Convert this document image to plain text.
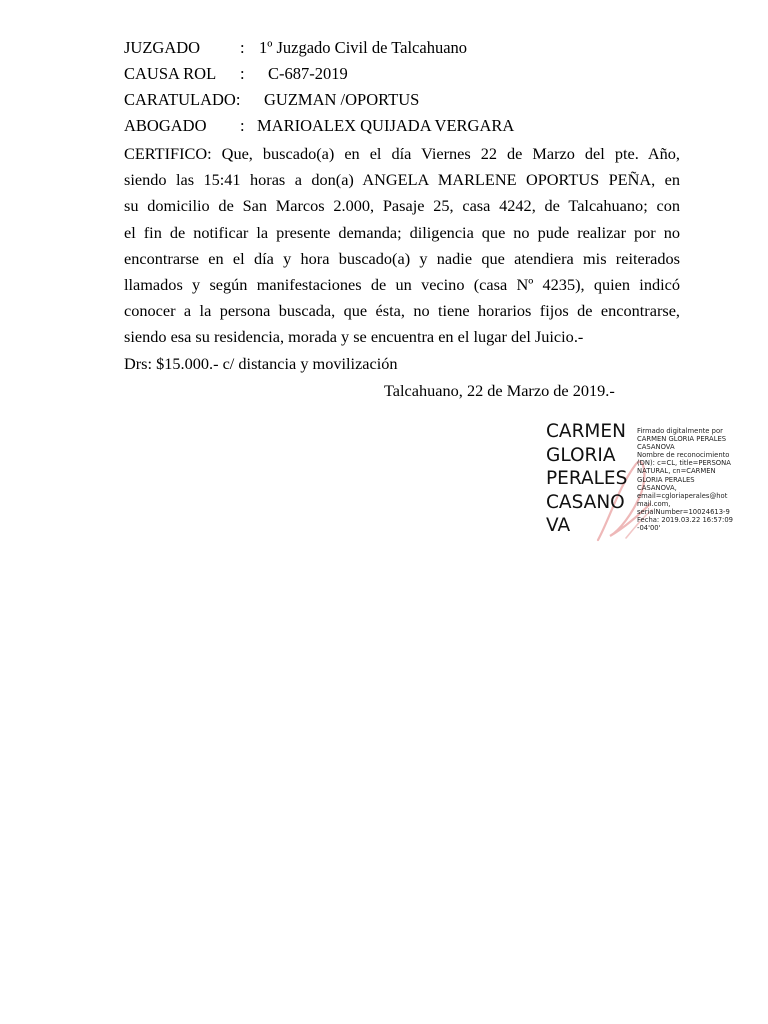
JUZGADO : 1º Juzgado Civil de Talcahuano
CAUSA ROL : C-687-2019
CARATULADO: GUZMAN /OPORTUS
ABOGADO : MARIOALEX QUIJADA VERGARA
CERTIFICO: Que, buscado(a) en el día Viernes 22 de Marzo del pte. Año,
siendo las 15:41 horas a don(a) ANGELA MARLENE OPORTUS PEÑA, en
su domicilio de San Marcos 2.000, Pasaje 25, casa 4242, de Talcahuano; con
el fin de notificar la presente demanda; diligencia que no pude realizar por no
encontrarse en el día y hora buscado(a) y nadie que atendiera mis reiterados
llamados y según manifestaciones de un vecino (casa Nº 4235), quien indicó
conocer a la persona buscada, que ésta, no tiene horarios fijos de encontrarse,
siendo esa su residencia, morada y se encuentra en el lugar del Juicio.-
Drs: $15.000.- c/ distancia y movilización
Talcahuano, 22 de Marzo de 2019.-
CARMEN
GLORIA
PERALES
CASANO
VA
Firmado digitalmente por
CARMEN GLORIA PERALES
CASANOVA
Nombre de reconocimiento
(DN): c=CL, title=PERSONA
NATURAL, cn=CARMEN
GLORIA PERALES
CASANOVA,
email=cgloriaperales@hot
mail.com,
serialNumber=10024613-9
Fecha: 2019.03.22 16:57:09
-04'00'
